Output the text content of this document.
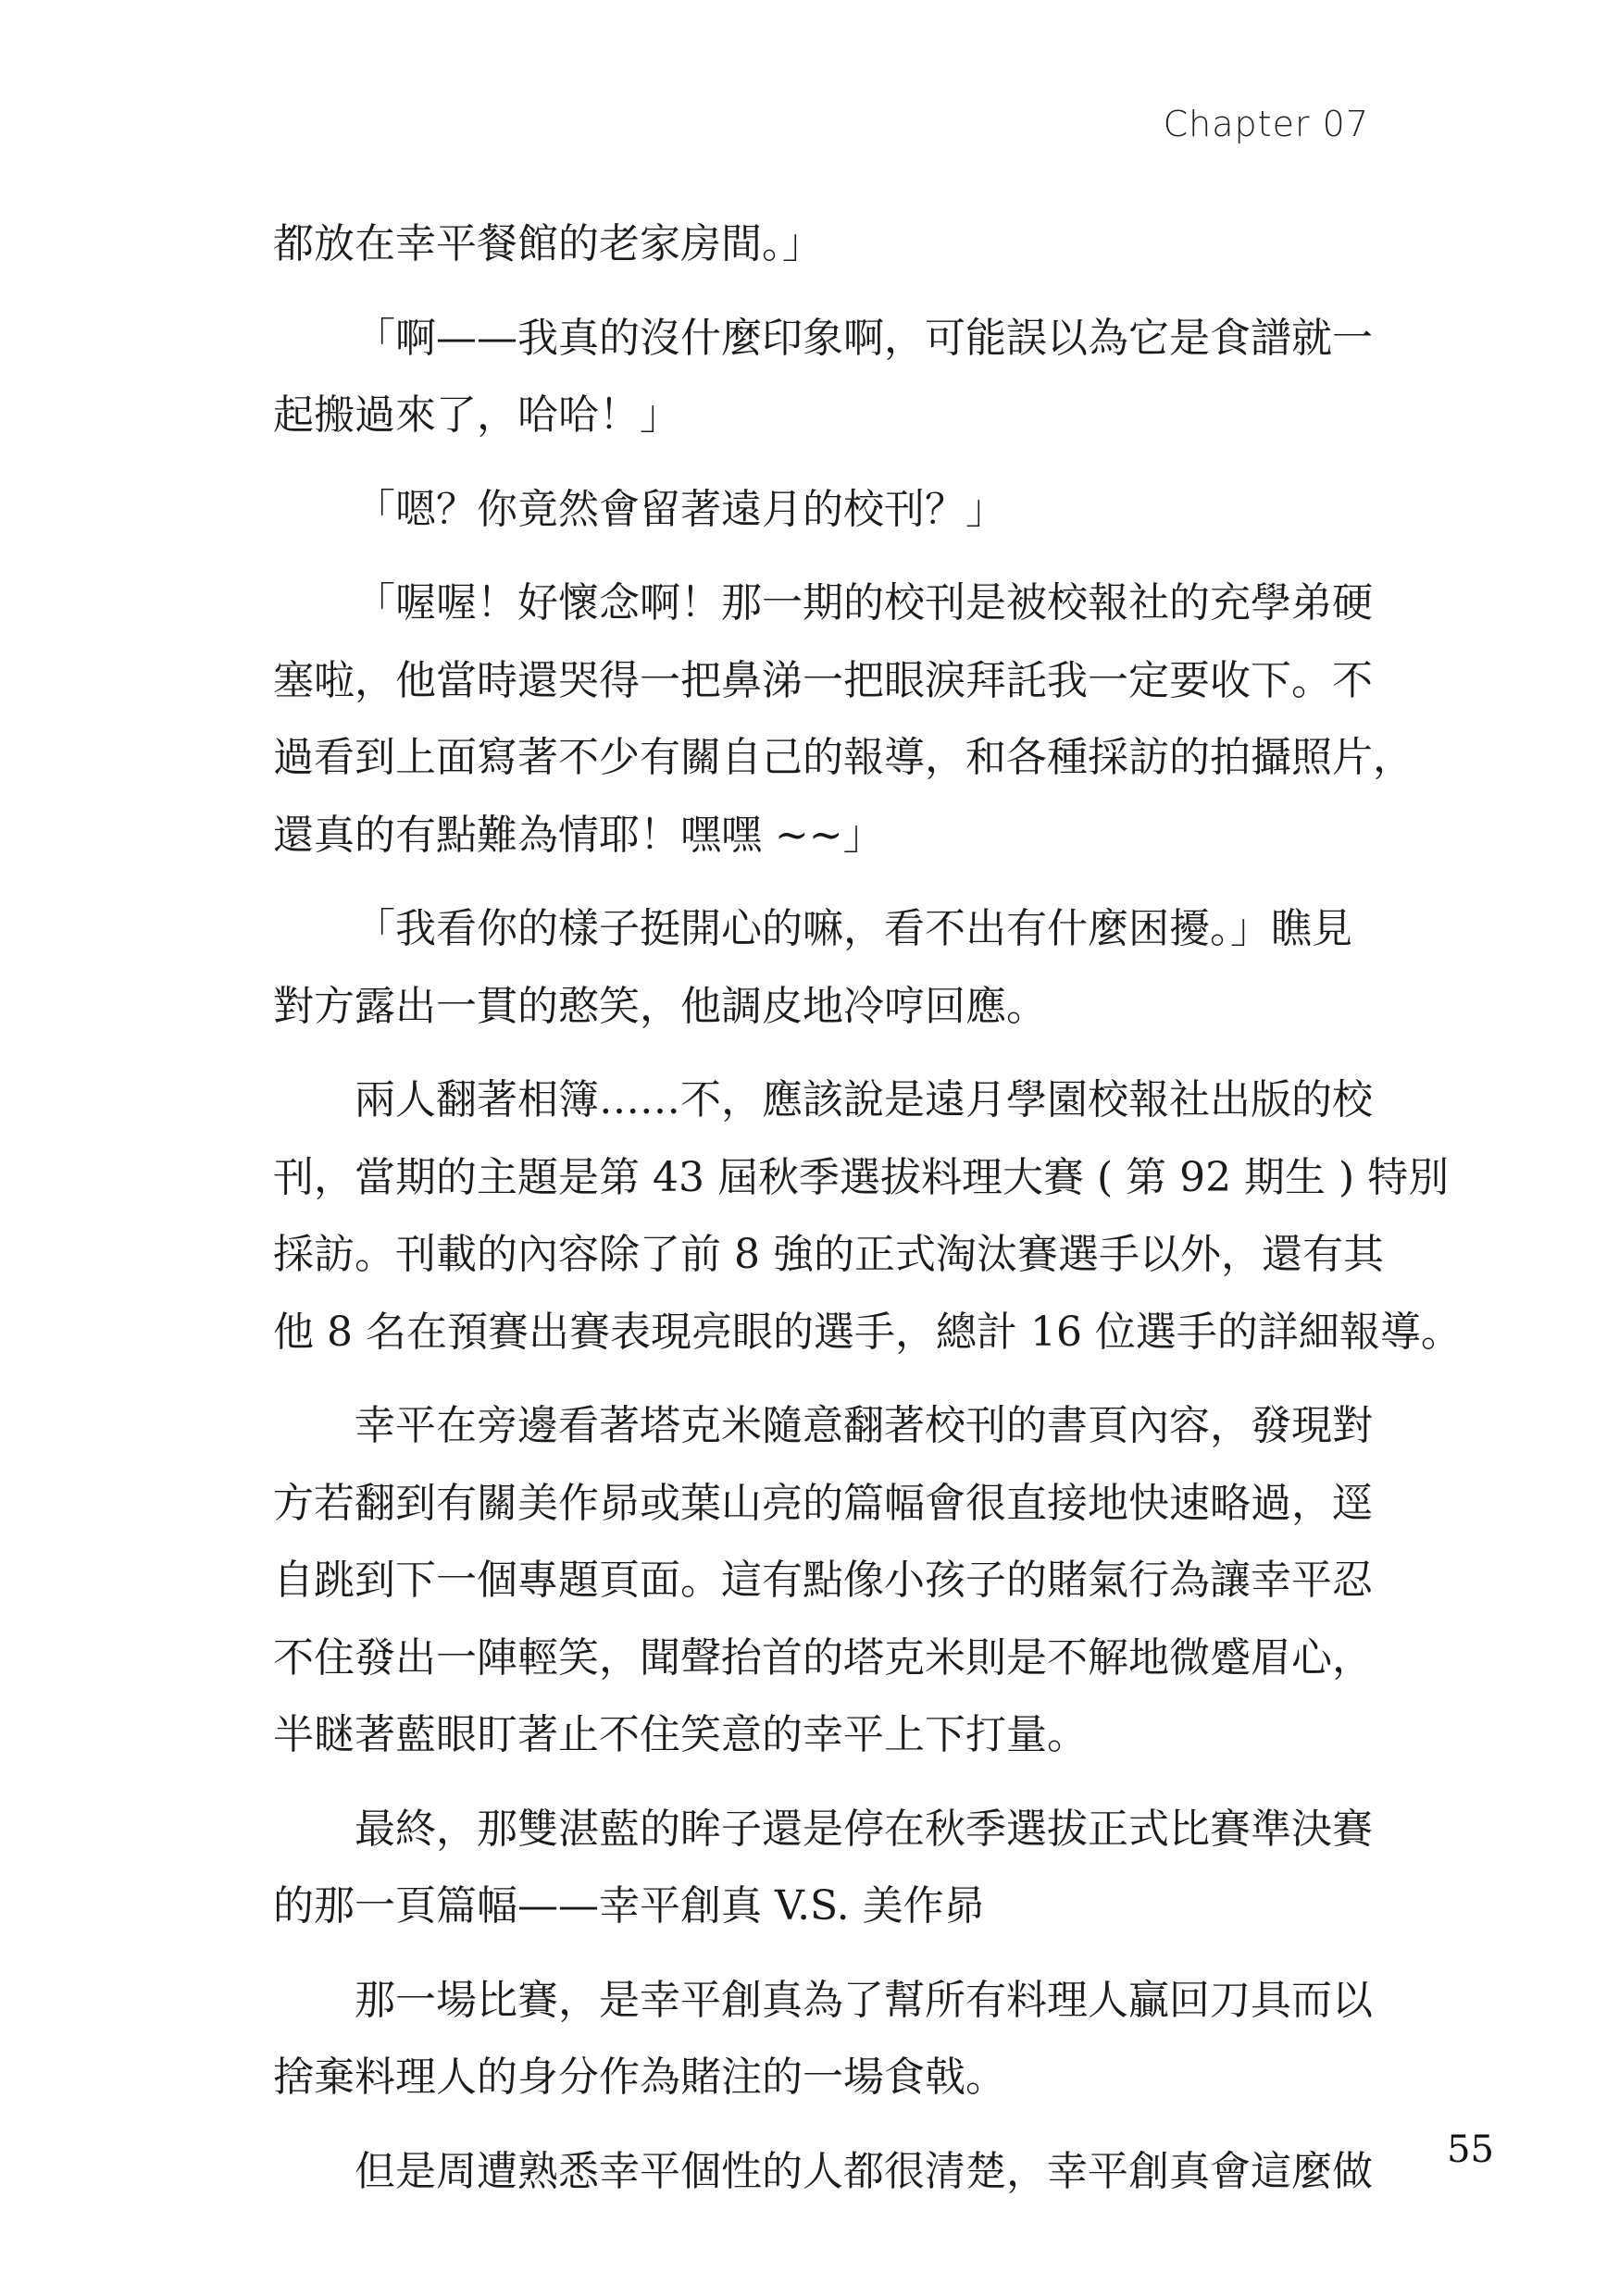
Chapter 07
都放在幸平餐館的老家房間。」
「啊——我真的沒什麼印象啊，可能誤以為它是食譜就一
起搬過來了，哈哈！」
「嗯？你竟然會留著遠月的校刊？」
「喔喔！好懷念啊！那一期的校刊是被校報社的充學弟硬
塞啦，他當時還哭得一把鼻涕一把眼淚拜託我一定要收下。不
過看到上面寫著不少有關自己的報導，和各種採訪的拍攝照片，
還真的有點難為情耶！嘿嘿 ~~」
「我看你的樣子挺開心的嘛，看不出有什麼困擾。」瞧見
對方露出一貫的憨笑，他調皮地冷哼回應。
兩人翻著相簿……不，應該說是遠月學園校報社出版的校
刊，當期的主題是第 43 屆秋季選拔料理大賽 ( 第 92 期生 ) 特別
採訪。刊載的內容除了前 8 強的正式淘汰賽選手以外，還有其
他 8 名在預賽出賽表現亮眼的選手，總計 16 位選手的詳細報導。
幸平在旁邊看著塔克米隨意翻著校刊的書頁內容，發現對
方若翻到有關美作昴或葉山亮的篇幅會很直接地快速略過，逕
自跳到下一個專題頁面。這有點像小孩子的賭氣行為讓幸平忍
不住發出一陣輕笑，聞聲抬首的塔克米則是不解地微蹙眉心，
半瞇著藍眼盯著止不住笑意的幸平上下打量。
最終，那雙湛藍的眸子還是停在秋季選拔正式比賽準決賽
的那一頁篇幅——幸平創真 V.S. 美作昴
那一場比賽，是幸平創真為了幫所有料理人贏回刀具而以
捨棄料理人的身分作為賭注的一場食戟。
但是周遭熟悉幸平個性的人都很清楚，幸平創真會這麼做	55
